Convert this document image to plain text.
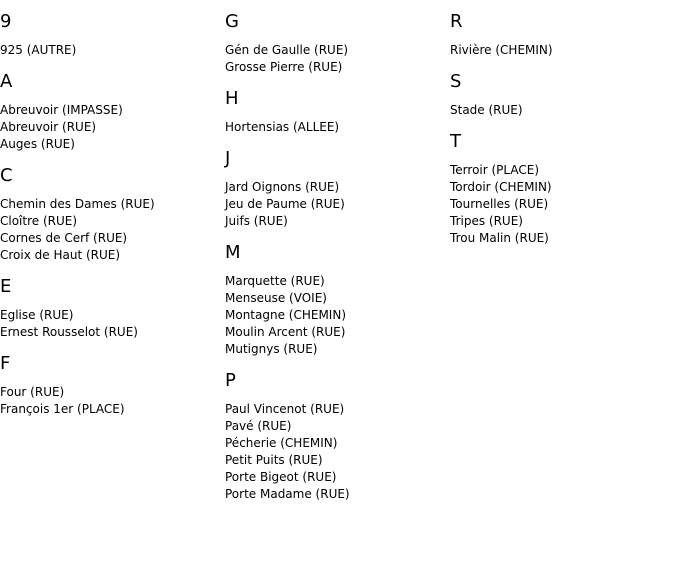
9
925 (AUTRE)
A
Abreuvoir (IMPASSE)
Abreuvoir (RUE)
Auges (RUE)
C
Chemin des Dames (RUE)
Cloître (RUE)
Cornes de Cerf (RUE)
Croix de Haut (RUE)
E
Eglise (RUE)
Ernest Rousselot (RUE)
F
Four (RUE)
François 1er (PLACE)
G
Gén de Gaulle (RUE)
Grosse Pierre (RUE)
H
Hortensias (ALLEE)
J
Jard Oignons (RUE)
Jeu de Paume (RUE)
Juifs (RUE)
M
Marquette (RUE)
Menseuse (VOIE)
Montagne (CHEMIN)
Moulin Arcent (RUE)
Mutignys (RUE)
P
Paul Vincenot (RUE)
Pavé (RUE)
Pécherie (CHEMIN)
Petit Puits (RUE)
Porte Bigeot (RUE)
Porte Madame (RUE)
R
Rivière (CHEMIN)
S
Stade (RUE)
T
Terroir (PLACE)
Tordoir (CHEMIN)
Tournelles (RUE)
Tripes (RUE)
Trou Malin (RUE)
